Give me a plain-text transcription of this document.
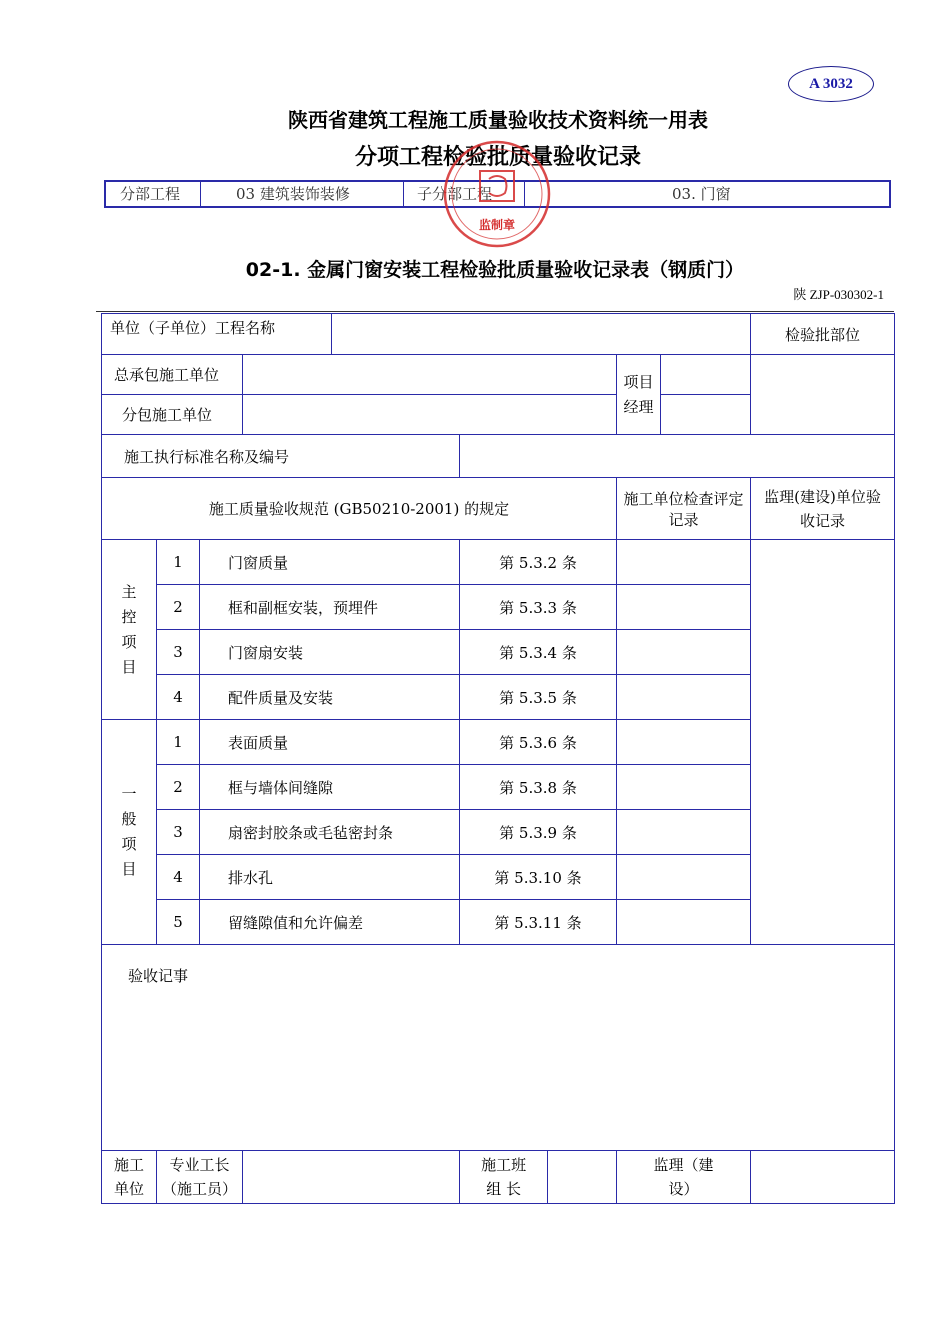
A 3032
陕西省建筑工程施工质量验收技术资料统一用表
分项工程检验批质量验收记录
分部工程	03 建筑装饰装修	子分部工程	03. 门窗
监制章
02-1. 金属门窗安装工程检验批质量验收记录表（钢质门）
陕 ZJP-030302-1
单位（子单位）工程名称								检验批部位
总承包施工单位						项目经理		
分包施工单位								
施工执行标准名称及编号								
施工质量验收规范 (GB50210-2001) 的规定						施工单位检查评定记录		监理(建设)单位验收记录
主控项目	1	门窗质量			第 5.3.2 条			
	2	框和副框安装，预埋件			第 5.3.3 条			
	3	门窗扇安装			第 5.3.4 条			
	4	配件质量及安装			第 5.3.5 条			
一般项目	1	表面质量			第 5.3.6 条			
	2	框与墙体间缝隙			第 5.3.8 条			
	3	扇密封胶条或毛毡密封条			第 5.3.9 条			
	4	排水孔			第 5.3.10 条			
	5	留缝隙值和允许偏差			第 5.3.11 条			
验收记事								
施工单位	专业工长（施工员）				施工班组 长	监理（建设）		
